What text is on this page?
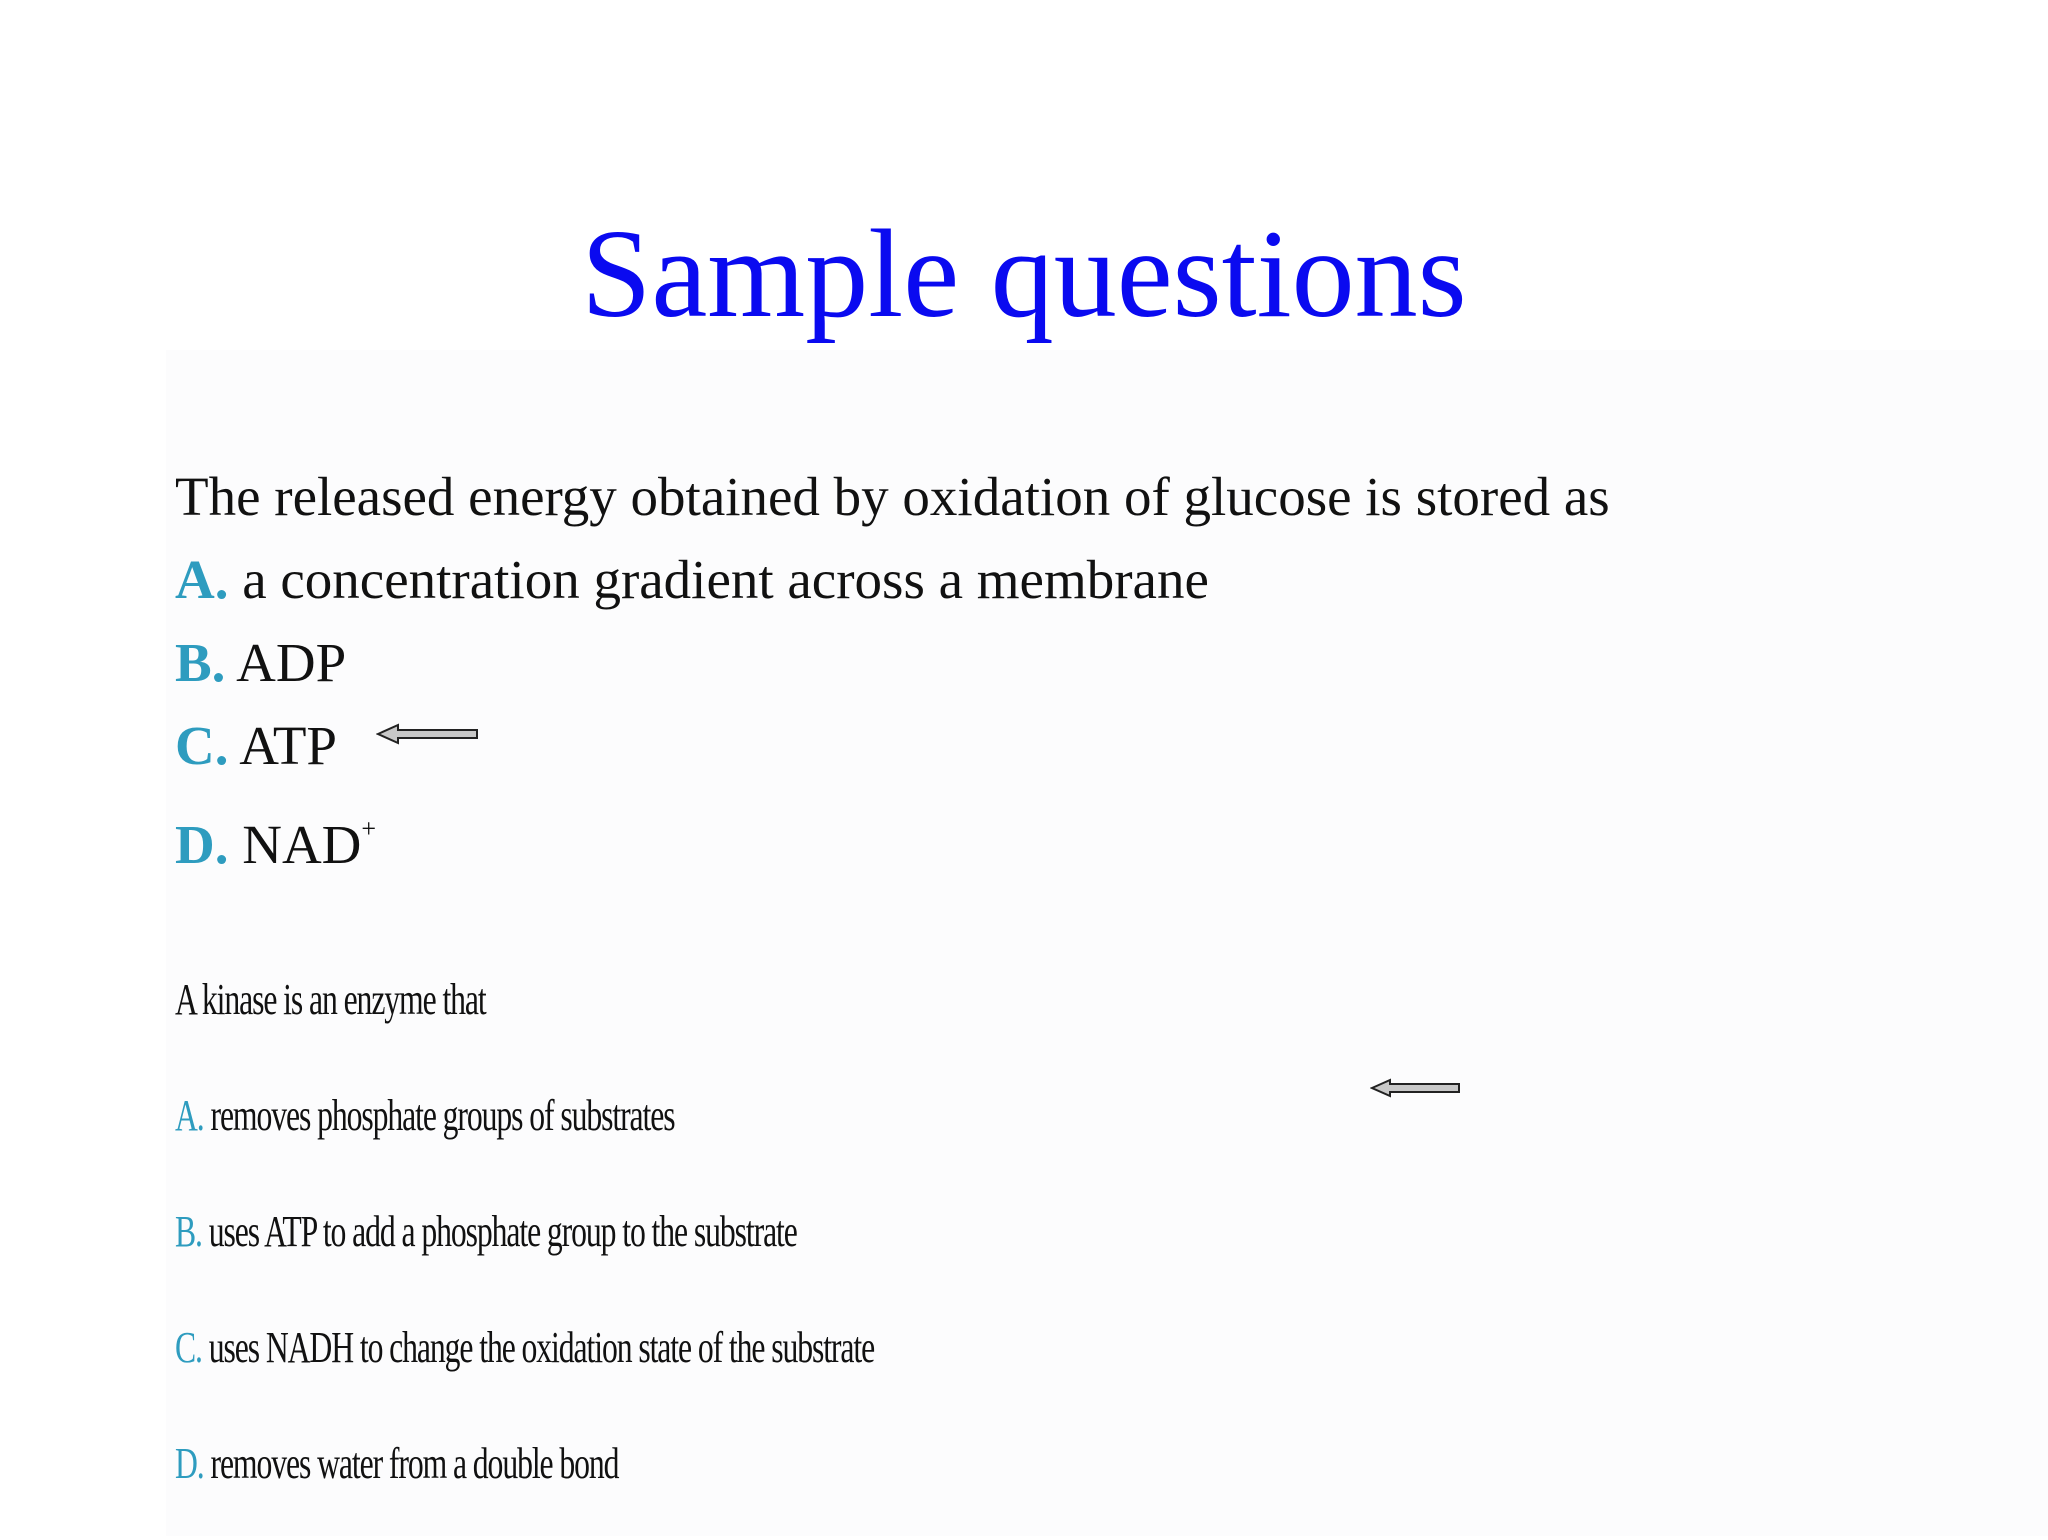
Sample questions
The released energy obtained by oxidation of glucose is stored as
A. a concentration gradient across a membrane
B. ADP
C. ATP
D. NAD+
A kinase is an enzyme that
A. removes phosphate groups of substrates
B. uses ATP to add a phosphate group to the substrate
C. uses NADH to change the oxidation state of the substrate
D. removes water from a double bond
